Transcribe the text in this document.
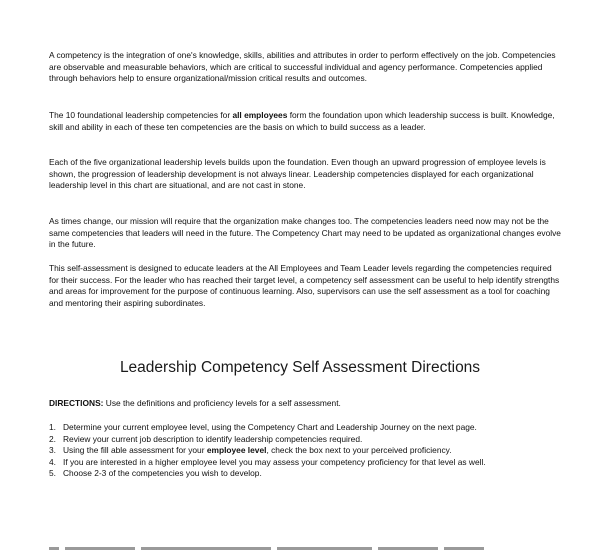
A competency is the integration of one's knowledge, skills, abilities and attributes in order to perform effectively on the job. Competencies are observable and measurable behaviors, which are critical to successful individual and agency performance. Competencies applied through behaviors help to ensure organizational/mission critical results and outcomes.

The 10 foundational leadership competencies for all employees form the foundation upon which leadership success is built. Knowledge, skill and ability in each of these ten competencies are the basis on which to build success as a leader.

Each of the five organizational leadership levels builds upon the foundation. Even though an upward progression of employee levels is shown, the progression of leadership development is not always linear. Leadership competencies displayed for each organizational leadership level in this chart are situational, and are not cast in stone.

As times change, our mission will require that the organization make changes too. The competencies leaders need now may not be the same competencies that leaders will need in the future. The Competency Chart may need to be updated as organizational changes evolve in the future.

This self-assessment is designed to educate leaders at the All Employees and Team Leader levels regarding the competencies required for their success. For the leader who has reached their target level, a competency self assessment can be useful to help identify strengths and areas for improvement for the purpose of continuous learning. Also, supervisors can use the self assessment as a tool for coaching and mentoring their aspiring subordinates.

Leadership Competency Self Assessment Directions

DIRECTIONS: Use the definitions and proficiency levels for a self assessment.

1. Determine your current employee level, using the Competency Chart and Leadership Journey on the next page.
2. Review your current job description to identify leadership competencies required.
3. Using the fill able assessment for your employee level, check the box next to your perceived proficiency.
4. If you are interested in a higher employee level you may assess your competency proficiency for that level as well.
5. Choose 2-3 of the competencies you wish to develop.
